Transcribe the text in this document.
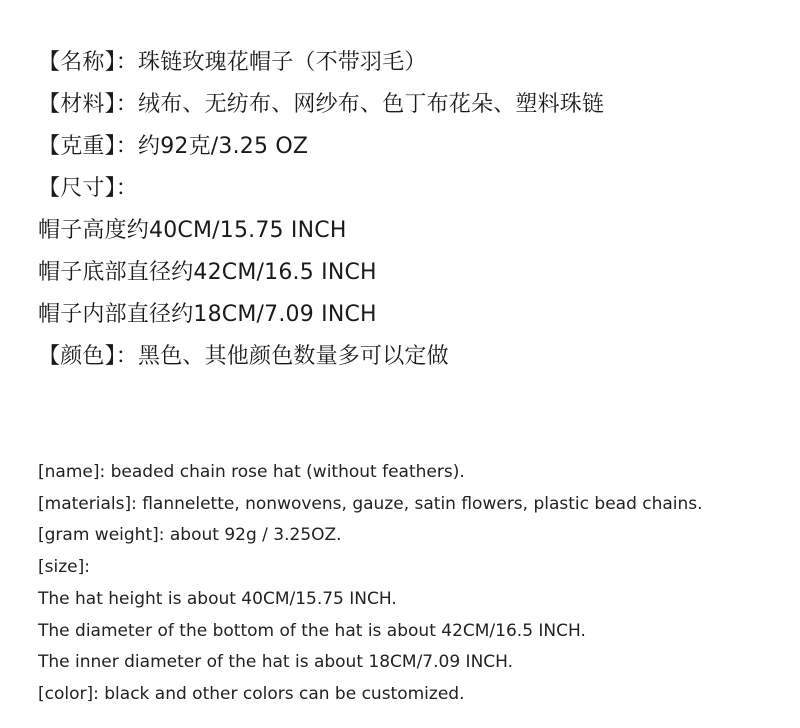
【名称】：珠链玫瑰花帽子（不带羽毛）
【材料】：绒布、无纺布、网纱布、色丁布花朵、塑料珠链
【克重】：约92克/3.25 OZ
【尺寸】：
帽子高度约40CM/15.75 INCH
帽子底部直径约42CM/16.5 INCH
帽子内部直径约18CM/7.09 INCH
【颜色】：黑色、其他颜色数量多可以定做
[name]: beaded chain rose hat (without feathers).
[materials]: flannelette, nonwovens, gauze, satin flowers, plastic bead chains.
[gram weight]: about 92g / 3.25OZ.
[size]:
The hat height is about 40CM/15.75 INCH.
The diameter of the bottom of the hat is about 42CM/16.5 INCH.
The inner diameter of the hat is about 18CM/7.09 INCH.
[color]: black and other colors can be customized.
